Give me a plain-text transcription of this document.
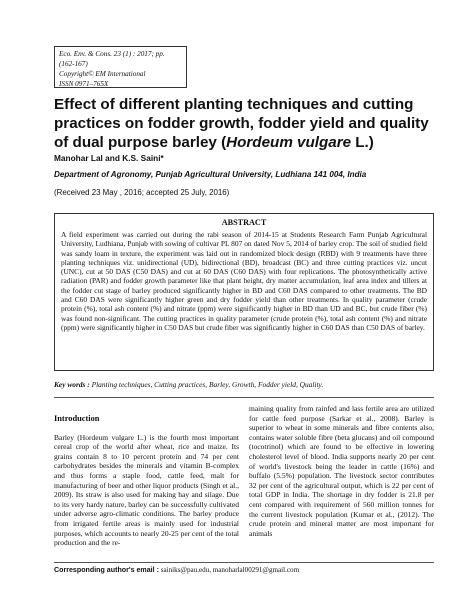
Eco. Env. & Cons. 23 (1) : 2017; pp. (162-167)
Copyright© EM International
ISSN 0971–765X
Effect of different planting techniques and cutting practices on fodder growth, fodder yield and quality of dual purpose barley (Hordeum vulgare L.)
Manohar Lal and K.S. Saini*
Department of Agronomy, Punjab Agricultural University, Ludhiana 141 004, India
(Received 23 May , 2016; accepted 25 July, 2016)
ABSTRACT

A field experiment was carried out during the rabi season of 2014-15 at Students Research Farm Punjab Agricultural University, Ludhiana, Punjab with sowing of cultivar PL 807 on dated Nov 5, 2014 of barley crop. The soil of studied field was sandy loam in texture, the experiment was laid out in randomized block design (RBD) with 9 treatments have three planting techniques viz. unidirectional (UD), bidirectional (BD), broadcast (BC) and three cutting practices viz. uncut (UNC), cut at 50 DAS (C50 DAS) and cut at 60 DAS (C60 DAS) with four replications. The photosynthetically active radiation (PAR) and fodder growth parameter like that plant height, dry matter accumulation, leaf area index and tillers at the fodder cut stage of barley produced significantly higher in BD and C60 DAS compared to other treatments. The BD and C60 DAS were significantly higher green and dry fodder yield than other treatments. In quality parameter (crude protein (%), total ash content (%) and nitrate (ppm) were significantly higher in BD than UD and BC, but crude fiber (%) was found non-significant. The cutting practices in quality parameter (crude protein (%), total ash content (%) and nitrate (ppm) were significantly higher in C50 DAS but crude fiber was significantly higher in C60 DAS than C50 DAS of barley.

Key words : Planting techniques, Cutting practices, Barley, Growth, Fodder yield, Quality.
Introduction

Barley (Hordeum vulgare L.) is the fourth most important cereal crop of the world after wheat, rice and maize. Its grains contain 8 to 10 percent protein and 74 per cent carbohydrates besides the minerals and vitamin B-complex and thus forms a staple food, cattle feed, malt for manufacturing of beer and other liquor products (Singh et al., 2009). Its straw is also used for making hay and silage. Due to its very hardy nature, barley can be successfully cultivated under adverse agro-climatic conditions. The barley produce from irrigated fertile areas is mainly used for industrial purposes, which accounts to nearly 20-25 per cent of the total production and the re-

maining quality from rainfed and lass fertile area are utilized for cattle feed purpose (Sarkar et al., 2008). Barley is superior to wheat in some minerals and fibre contents also, contains water soluble fibre (beta glucans) and oil compound (tocotrinol) which are found to be effective in lowering cholesterol level of blood. India supports nearly 20 per cent of world's livestock being the leader in cattle (16%) and buffalo (5.5%) population. The livestock sector contributes 32 per cent of the agricultural output, which is 22 per cent of total GDP in India. The shortage in dry fodder is 21.8 per cent compared with requirement of 560 million tonnes for the current livestock population (Kumar et al., (2012). The crude protein and mineral matter are most important for animals

Corresponding author's email : sainiks@pau.edu, manoharlal00291@gmail.com
